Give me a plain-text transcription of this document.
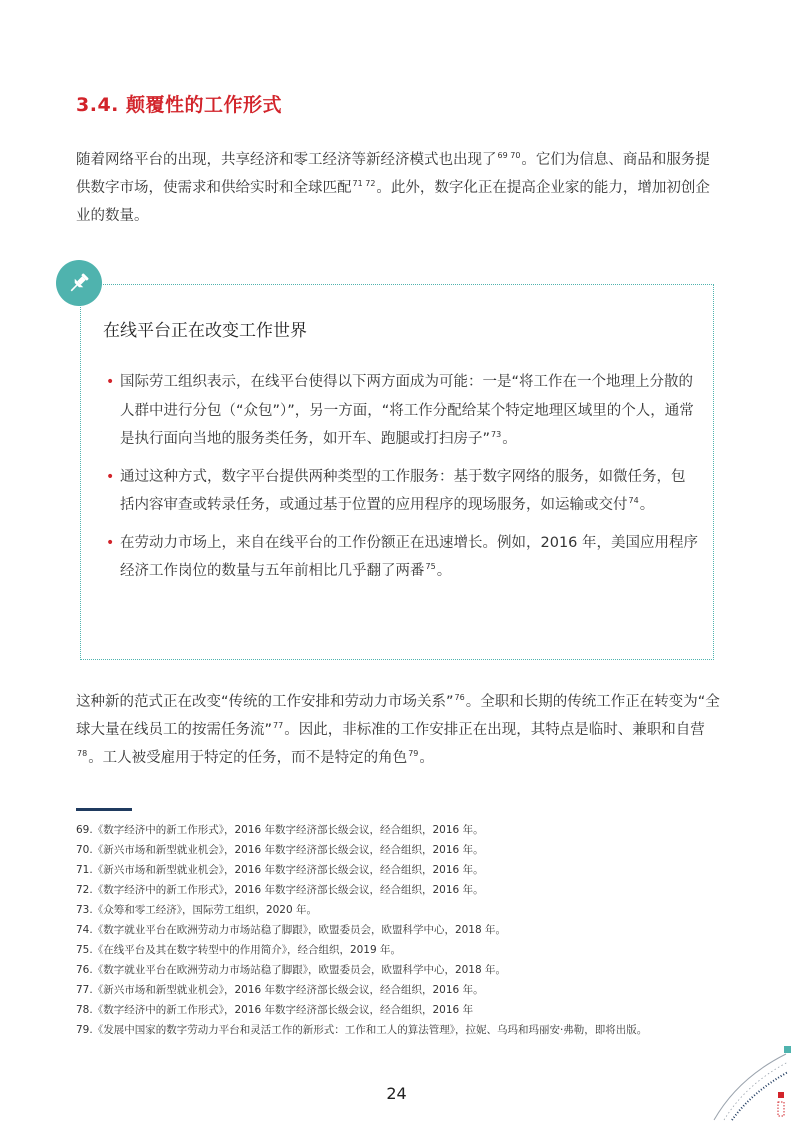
3.4. 颠覆性的工作形式

随着网络平台的出现，共享经济和零工经济等新经济模式也出现了$^{69 70}$。它们为信息、商品和服务提供数字市场，使需求和供给实时和全球匹配$^{71 72}$。此外，数字化正在提高企业家的能力，增加初创企业的数量。

在线平台正在改变工作世界
• 国际劳工组织表示，在线平台使得以下两方面成为可能：一是“将工作在一个地理上分散的人群中进行分包（“众包”）”，另一方面，“将工作分配给某个特定地理区域里的个人，通常是执行面向当地的服务类任务，如开车、跑腿或打扫房子”$^{73}$。
• 通过这种方式，数字平台提供两种类型的工作服务：基于数字网络的服务，如微任务，包括内容审查或转录任务，或通过基于位置的应用程序的现场服务，如运输或交付$^{74}$。
• 在劳动力市场上，来自在线平台的工作份额正在迅速增长。例如，2016 年，美国应用程序经济工作岗位的数量与五年前相比几乎翻了两番$^{75}$。

这种新的范式正在改变“传统的工作安排和劳动力市场关系”$^{76}$。全职和长期的传统工作正在转变为“全球大量在线员工的按需任务流”$^{77}$。因此，非标准的工作安排正在出现，其特点是临时、兼职和自营$^{78}$。工人被受雇用于特定的任务，而不是特定的角色$^{79}$。

69.《数字经济中的新工作形式》，2016 年数字经济部长级会议，经合组织，2016 年。
70.《新兴市场和新型就业机会》，2016 年数字经济部长级会议，经合组织，2016 年。
71.《新兴市场和新型就业机会》，2016 年数字经济部长级会议，经合组织，2016 年。
72.《数字经济中的新工作形式》，2016 年数字经济部长级会议，经合组织，2016 年。
73.《众筹和零工经济》，国际劳工组织，2020 年。
74.《数字就业平台在欧洲劳动力市场站稳了脚跟》，欧盟委员会，欧盟科学中心，2018 年。
75.《在线平台及其在数字转型中的作用简介》，经合组织，2019 年。
76.《数字就业平台在欧洲劳动力市场站稳了脚跟》，欧盟委员会，欧盟科学中心，2018 年。
77.《新兴市场和新型就业机会》，2016 年数字经济部长级会议，经合组织，2016 年。
78.《数字经济中的新工作形式》，2016 年数字经济部长级会议，经合组织，2016 年
79.《发展中国家的数字劳动力平台和灵活工作的新形式：工作和工人的算法管理》，拉妮、乌玛和玛丽安·弗勒，即将出版。
24
